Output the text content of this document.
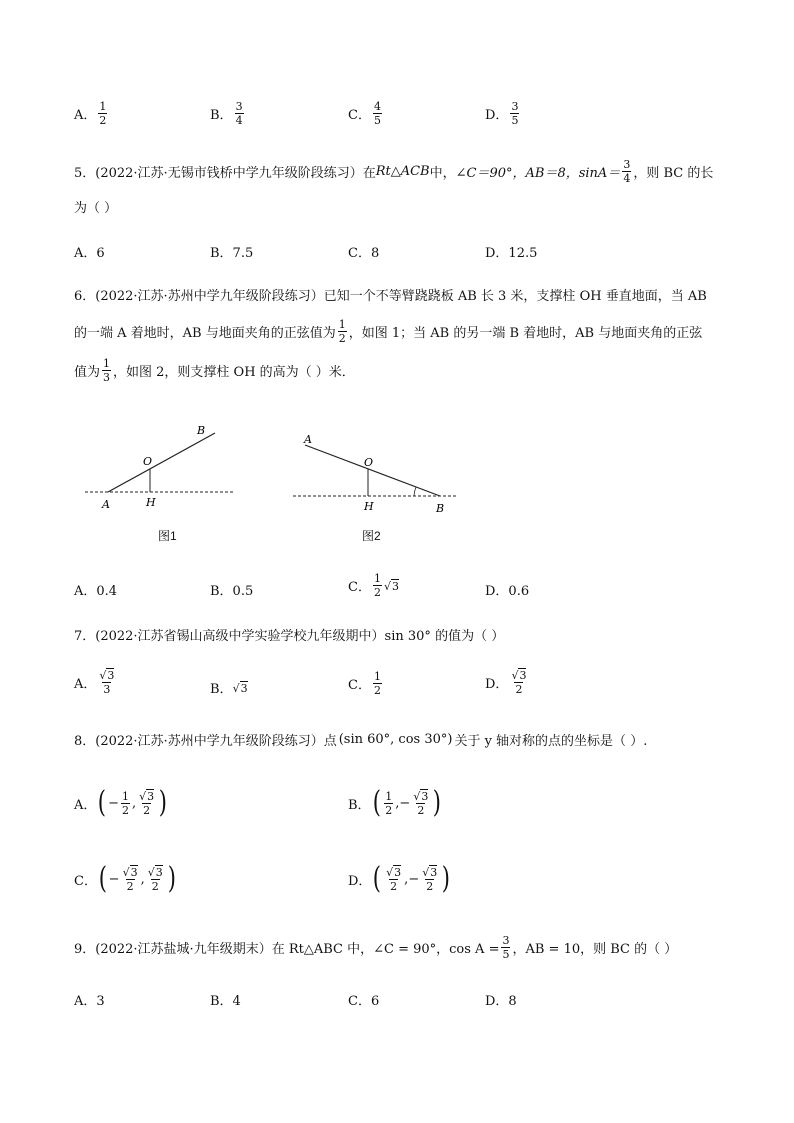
A． $\frac{1}{2}$	B． $\frac{3}{4}$	C． $\frac{4}{5}$	D． $\frac{3}{5}$
5．(2022·江苏·无锡市钱桥中学九年级阶段练习）在 Rt△ACB 中， ∠C＝90°， AB＝8，$\sin A= \frac{3}{4}$ ，则 BC 的长
为（ ）
A．6	B．7.5	C．8	D．12.5
6．(2022·江苏·苏州中学九年级阶段练习）已知一个不等臂跷跷板 AB 长 3 米，支撑柱 OH 垂直地面，当 AB
的一端 A 着地时，AB 与地面夹角的正弦值为 $\frac{1}{2}$ ，如图 1；当 AB 的另一端 B 着地时，AB 与地面夹角的正弦
值为 $\frac{1}{3}$ ，如图 2，则支撑柱 OH 的高为（ ）米．
B
O
H
A
图1
A
O
H	B
图2
A．0.4	B．0.5	C． $\frac{1}{2} √3$	D．0.6
7．(2022·江苏省锡山高级中学实验学校九年级期中）sin 30° 的值为（ ）
A． $\frac{√3}{3}$	B． √3	C． $\frac{1}{2}$	D． $\frac{√3}{2}$
8．(2022·江苏·苏州中学九年级阶段练习）点 (sin 60°, cos 30°) 关于 y 轴对称的点的坐标是（ ）.
A． ( − $\frac{1}{2}$ , $\frac{√3}{2}$ )	B． ( $\frac{1}{2}$ , − $\frac{√3}{2}$ )
C． ( − $\frac{√3}{2}$ , $\frac{√3}{2}$ )	D． ( $\frac{√3}{2}$ , − $\frac{√3}{2}$ )
9．(2022·江苏盐城·九年级期末）在 Rt△ABC 中，∠C = 90°，$\cos A = \frac{3}{5}$ ，AB = 10，则 BC 的（ ）
A．3	B．4	C．6	D．8
